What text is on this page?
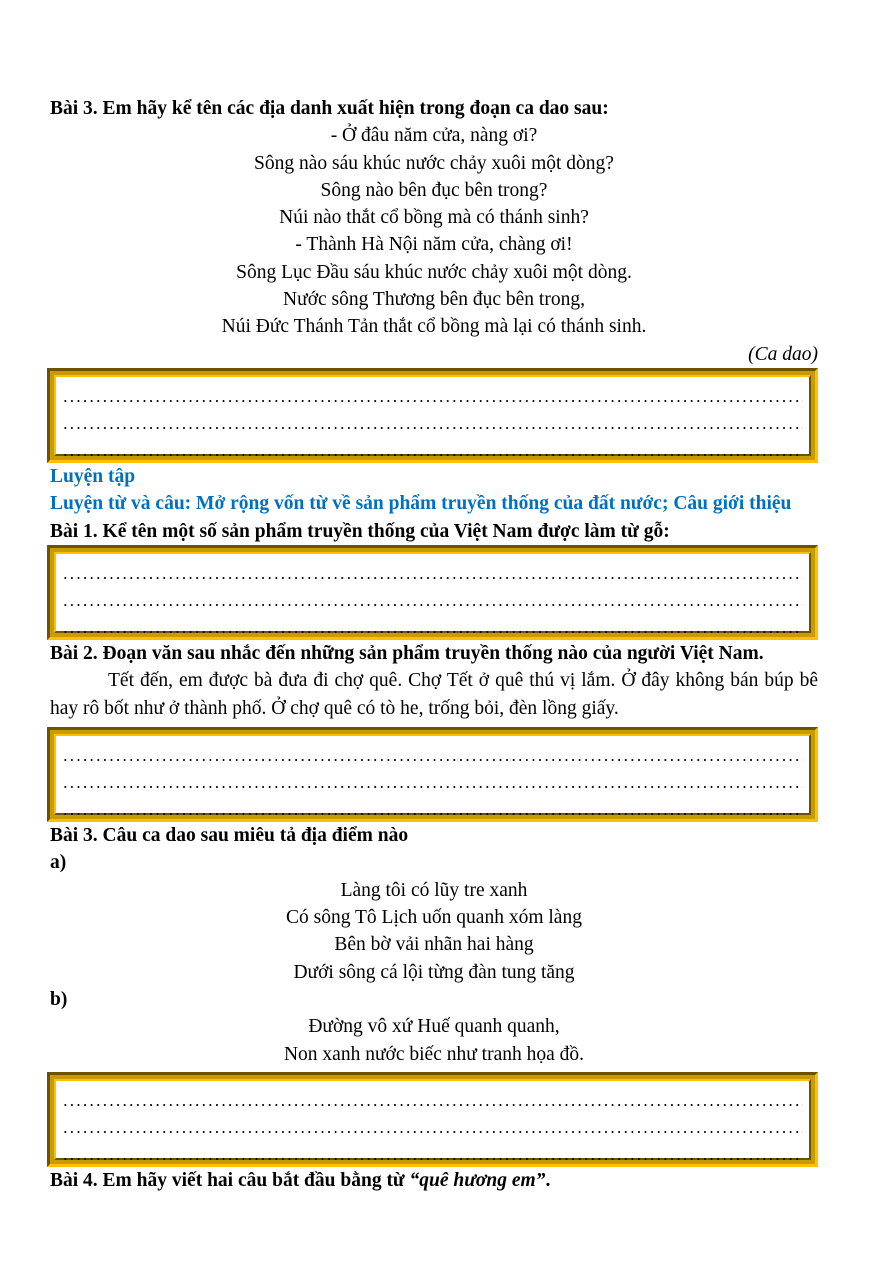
Bài 3. Em hãy kể tên các địa danh xuất hiện trong đoạn ca dao sau:
- Ở đâu năm cửa, nàng ơi?
Sông nào sáu khúc nước chảy xuôi một dòng?
Sông nào bên đục bên trong?
Núi nào thắt cổ bồng mà có thánh sinh?
- Thành Hà Nội năm cửa, chàng ơi!
Sông Lục Đầu sáu khúc nước chảy xuôi một dòng.
Nước sông Thương bên đục bên trong,
Núi Đức Thánh Tản thắt cổ bồng mà lại có thánh sinh.
(Ca dao)
Luyện tập
Luyện từ và câu: Mở rộng vốn từ về sản phẩm truyền thống của đất nước; Câu giới thiệu
Bài 1. Kể tên một số sản phẩm truyền thống của Việt Nam được làm từ gỗ:
Bài 2. Đoạn văn sau nhắc đến những sản phẩm truyền thống nào của người Việt Nam.
Tết đến, em được bà đưa đi chợ quê. Chợ Tết ở quê thú vị lắm. Ở đây không bán búp bê hay rô bốt như ở thành phố. Ở chợ quê có tò he, trống bỏi, đèn lồng giấy.
Bài 3. Câu ca dao sau miêu tả địa điểm nào
a)
Làng tôi có lũy tre xanh
Có sông Tô Lịch uốn quanh xóm làng
Bên bờ vải nhãn hai hàng
Dưới sông cá lội từng đàn tung tăng
b)
Đường vô xứ Huế quanh quanh,
Non xanh nước biếc như tranh họa đồ.
Bài 4. Em hãy viết hai câu bắt đầu bằng từ “quê hương em”.
